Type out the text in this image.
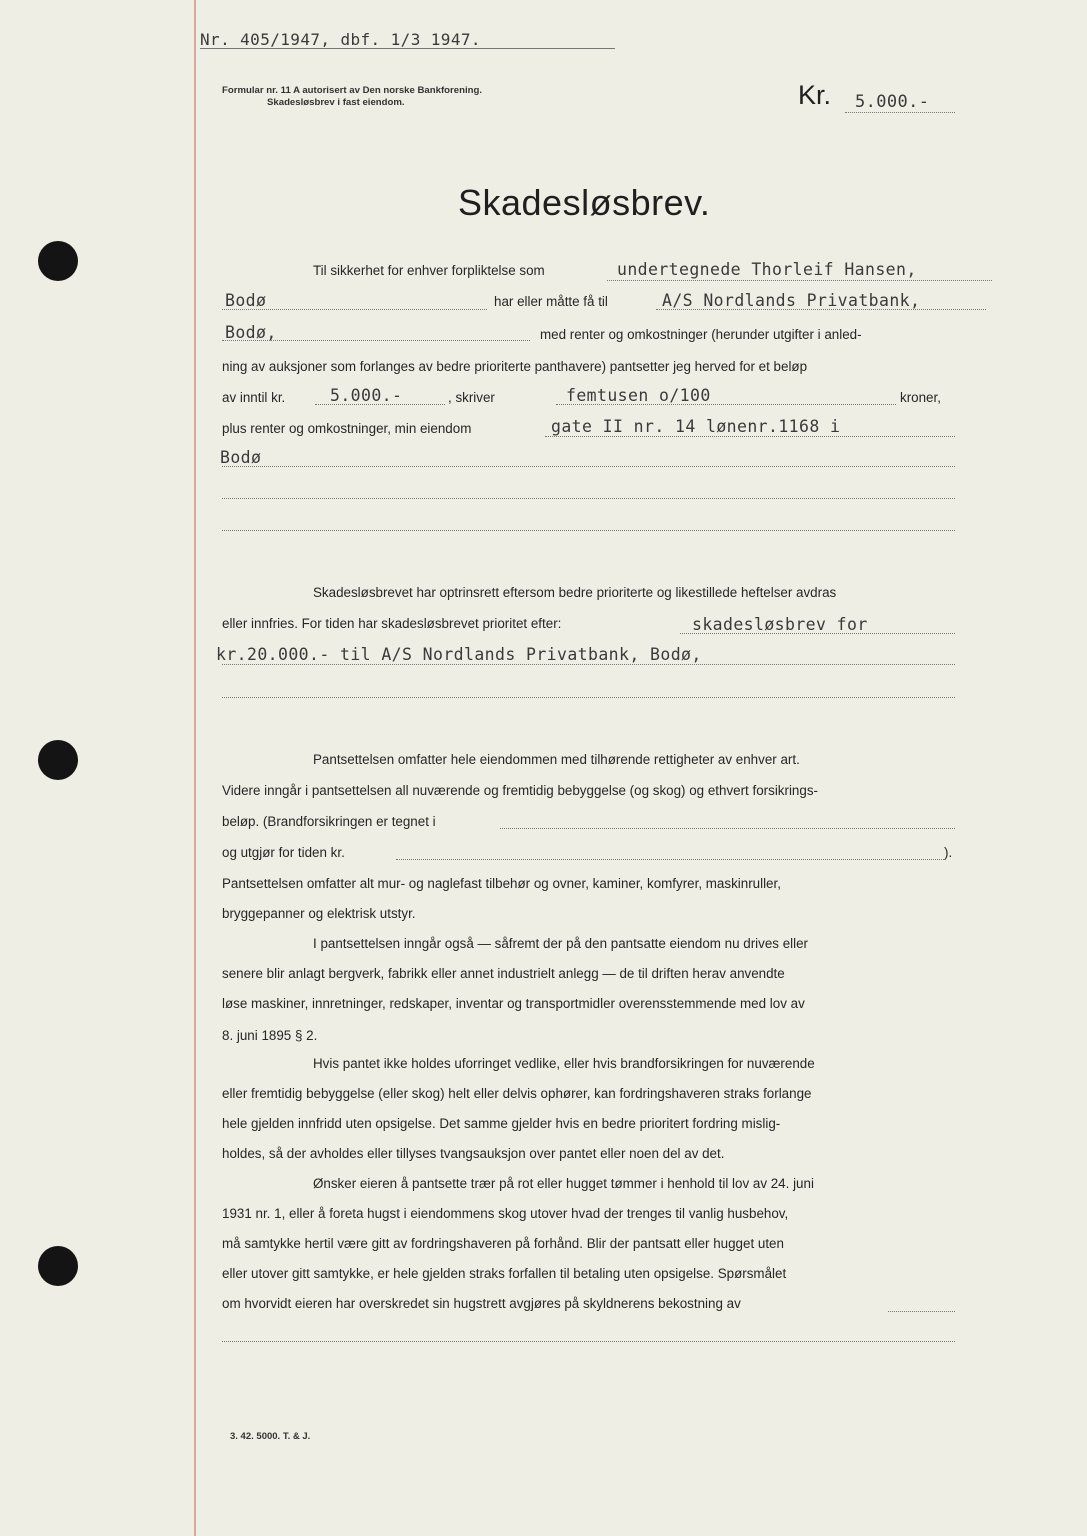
Nr. 405/1947, dbf. 1/3 1947.
Formular nr. 11 A autorisert av Den norske Bankforening.
Skadesløsbrev i fast eiendom.	Kr. 5.000.-
Skadesløsbrev.
Til sikkerhet for enhver forpliktelse som	undertegnede Thorleif Hansen,
Bodø	har eller måtte få til	A/S Nordlands Privatbank,
Bodø,	med renter og omkostninger (herunder utgifter i anled-
ning av auksjoner som forlanges av bedre prioriterte panthavere) pantsetter jeg herved for et beløp
av inntil kr.	5.000.-	, skriver	femtusen o/100	kroner,
plus renter og omkostninger, min eiendom	gate II nr. 14 lønenr.1168 i
Bodø
Skadesløsbrevet har optrinsrett eftersom bedre prioriterte og likestillede heftelser avdras
eller innfries. For tiden har skadesløsbrevet prioritet efter:	skadesløsbrev for
kr.20.000.- til A/S Nordlands Privatbank, Bodø,
Pantsettelsen omfatter hele eiendommen med tilhørende rettigheter av enhver art.
Videre inngår i pantsettelsen all nuværende og fremtidig bebyggelse (og skog) og ethvert forsikrings-
beløp. (Brandforsikringen er tegnet i
og utgjør for tiden kr.	).
Pantsettelsen omfatter alt mur- og naglefast tilbehør og ovner, kaminer, komfyrer, maskinruller,
bryggepanner og elektrisk utstyr.
I pantsettelsen inngår også — såfremt der på den pantsatte eiendom nu drives eller
senere blir anlagt bergverk, fabrikk eller annet industrielt anlegg — de til driften herav anvendte
løse maskiner, innretninger, redskaper, inventar og transportmidler overensstemmende med lov av
8. juni 1895 § 2.
Hvis pantet ikke holdes uforringet vedlike, eller hvis brandforsikringen for nuværende
eller fremtidig bebyggelse (eller skog) helt eller delvis ophører, kan fordringshaveren straks forlange
hele gjelden innfridd uten opsigelse. Det samme gjelder hvis en bedre prioritert fordring mislig-
holdes, så der avholdes eller tillyses tvangsauksjon over pantet eller noen del av det.
Ønsker eieren å pantsette trær på rot eller hugget tømmer i henhold til lov av 24. juni
1931 nr. 1, eller å foreta hugst i eiendommens skog utover hvad der trenges til vanlig husbehov,
må samtykke hertil være gitt av fordringshaveren på forhånd. Blir der pantsatt eller hugget uten
eller utover gitt samtykke, er hele gjelden straks forfallen til betaling uten opsigelse. Spørsmålet
om hvorvidt eieren har overskredet sin hugstrett avgjøres på skyldnerens bekostning av
3. 42. 5000. T. & J.
